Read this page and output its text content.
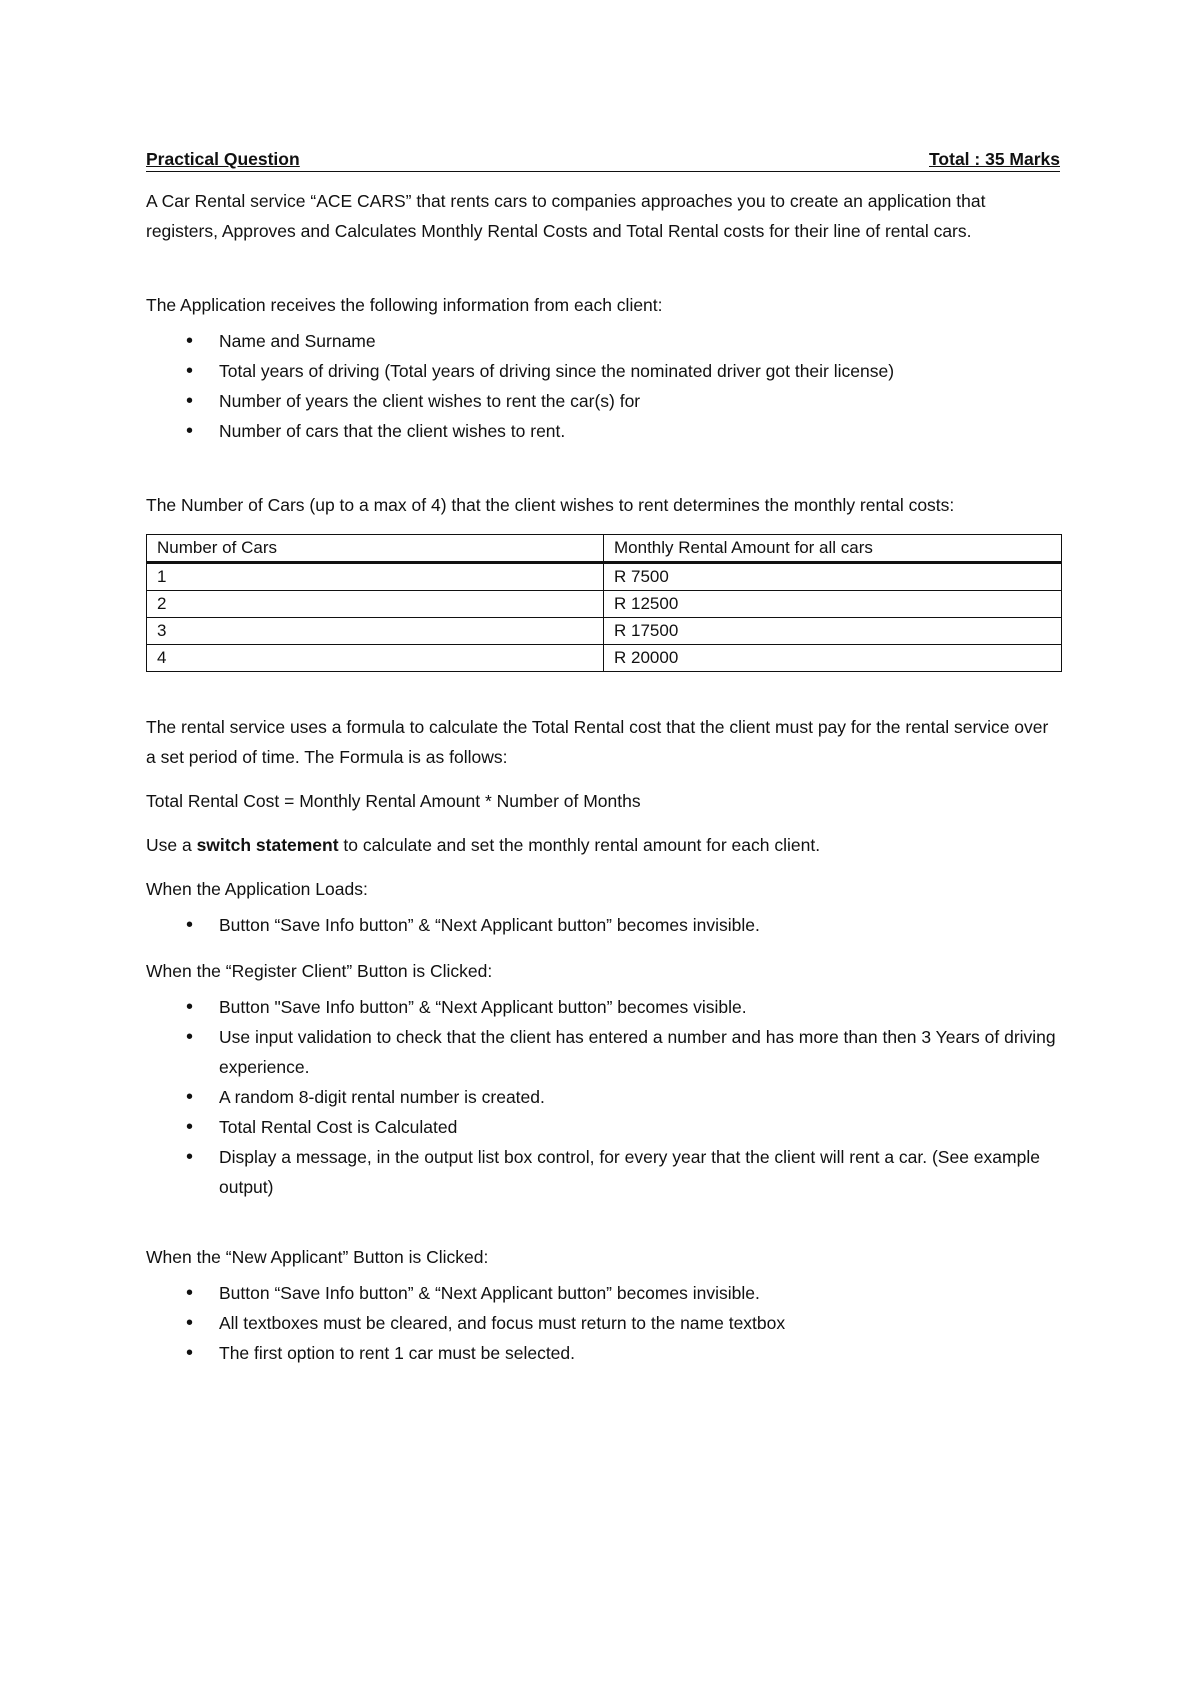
Practical Question	Total : 35 Marks

A Car Rental service “ACE CARS” that rents cars to companies approaches you to create an application that registers, Approves and Calculates Monthly Rental Costs and Total Rental costs for their line of rental cars.

The Application receives the following information from each client:

• Name and Surname
• Total years of driving (Total years of driving since the nominated driver got their license)
• Number of years the client wishes to rent the car(s) for
• Number of cars that the client wishes to rent.

The Number of Cars (up to a max of 4) that the client wishes to rent determines the monthly rental costs:

Number of Cars	Monthly Rental Amount for all cars
1	R 7500
2	R 12500
3	R 17500
4	R 20000

The rental service uses a formula to calculate the Total Rental cost that the client must pay for the rental service over a set period of time. The Formula is as follows:

Total Rental Cost = Monthly Rental Amount * Number of Months

Use a switch statement to calculate and set the monthly rental amount for each client.

When the Application Loads:

• Button “Save Info button” & “Next Applicant button” becomes invisible.

When the “Register Client” Button is Clicked:

• Button "Save Info button” & “Next Applicant button” becomes visible.
• Use input validation to check that the client has entered a number and has more than then 3 Years of driving experience.
• A random 8-digit rental number is created.
• Total Rental Cost is Calculated
• Display a message, in the output list box control, for every year that the client will rent a car. (See example output)

When the “New Applicant” Button is Clicked:

• Button “Save Info button” & “Next Applicant button” becomes invisible.
• All textboxes must be cleared, and focus must return to the name textbox
• The first option to rent 1 car must be selected.
